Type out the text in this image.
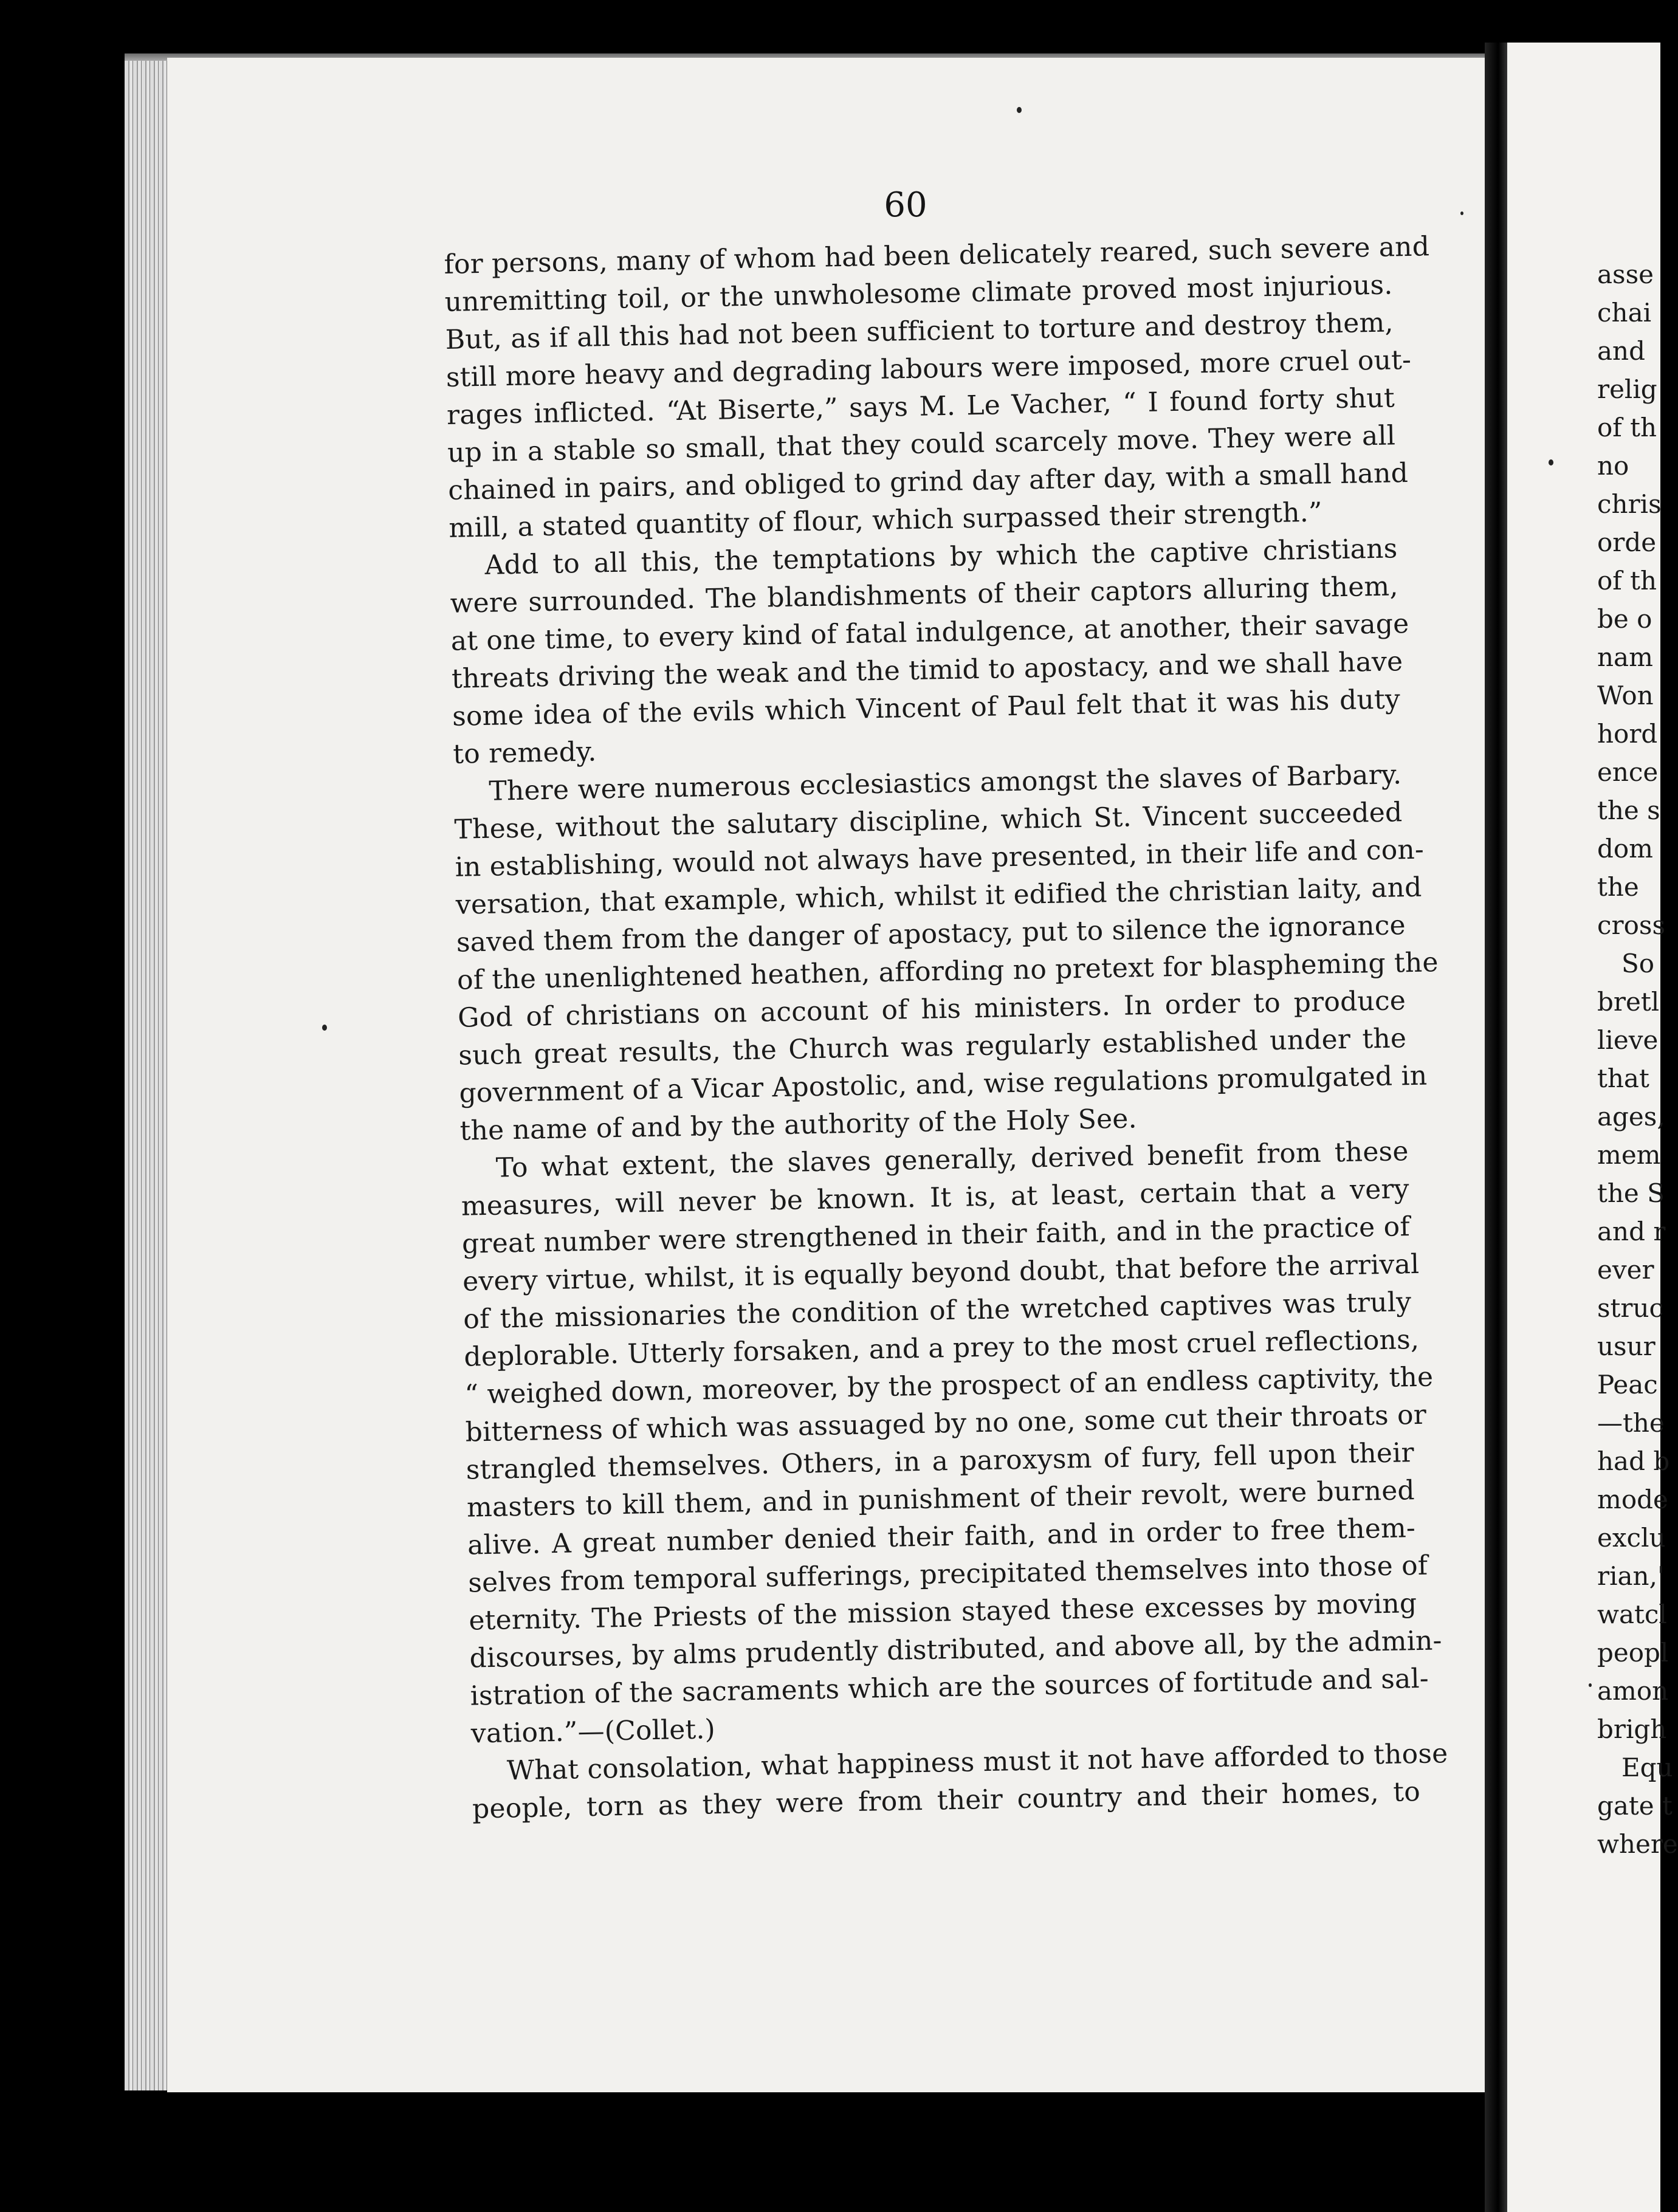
60
for persons, many of whom had been delicately reared, such severe and
unremitting toil, or the unwholesome climate proved most injurious.
But, as if all this had not been sufficient to torture and destroy them,
still more heavy and degrading labours were imposed, more cruel out-
rages inflicted. “At Biserte,” says M. Le Vacher, “ I found forty shut
up in a stable so small, that they could scarcely move. They were all
chained in pairs, and obliged to grind day after day, with a small hand
mill, a stated quantity of flour, which surpassed their strength.”
Add to all this, the temptations by which the captive christians
were surrounded. The blandishments of their captors alluring them,
at one time, to every kind of fatal indulgence, at another, their savage
threats driving the weak and the timid to apostacy, and we shall have
some idea of the evils which Vincent of Paul felt that it was his duty
to remedy.
There were numerous ecclesiastics amongst the slaves of Barbary.
These, without the salutary discipline, which St. Vincent succeeded
in establishing, would not always have presented, in their life and con-
versation, that example, which, whilst it edified the christian laity, and
saved them from the danger of apostacy, put to silence the ignorance
of the unenlightened heathen, affording no pretext for blaspheming the
God of christians on account of his ministers. In order to produce
such great results, the Church was regularly established under the
government of a Vicar Apostolic, and, wise regulations promulgated in
the name of and by the authority of the Holy See.
To what extent, the slaves generally, derived benefit from these
measures, will never be known. It is, at least, certain that a very
great number were strengthened in their faith, and in the practice of
every virtue, whilst, it is equally beyond doubt, that before the arrival
of the missionaries the condition of the wretched captives was truly
deplorable. Utterly forsaken, and a prey to the most cruel reflections,
“ weighed down, moreover, by the prospect of an endless captivity, the
bitterness of which was assuaged by no one, some cut their throats or
strangled themselves. Others, in a paroxysm of fury, fell upon their
masters to kill them, and in punishment of their revolt, were burned
alive. A great number denied their faith, and in order to free them-
selves from temporal sufferings, precipitated themselves into those of
eternity. The Priests of the mission stayed these excesses by moving
discourses, by alms prudently distributed, and above all, by the admin-
istration of the sacraments which are the sources of fortitude and sal-
vation.”—(Collet.)
What consolation, what happiness must it not have afforded to those
people, torn as they were from their country and their homes, to
asse
chai
and
relig
of th
no
chris
orde
of th
be o
nam
Won
hord
ence
the s
dom
the
cross
So
bretl
lieve
that
ages,
mem
the S
and r
ever
struc
usur
Peac
—the
had b
mode
exclu
rian,'
watcl
peopl
amon
brigh
Equ
gate t
where
